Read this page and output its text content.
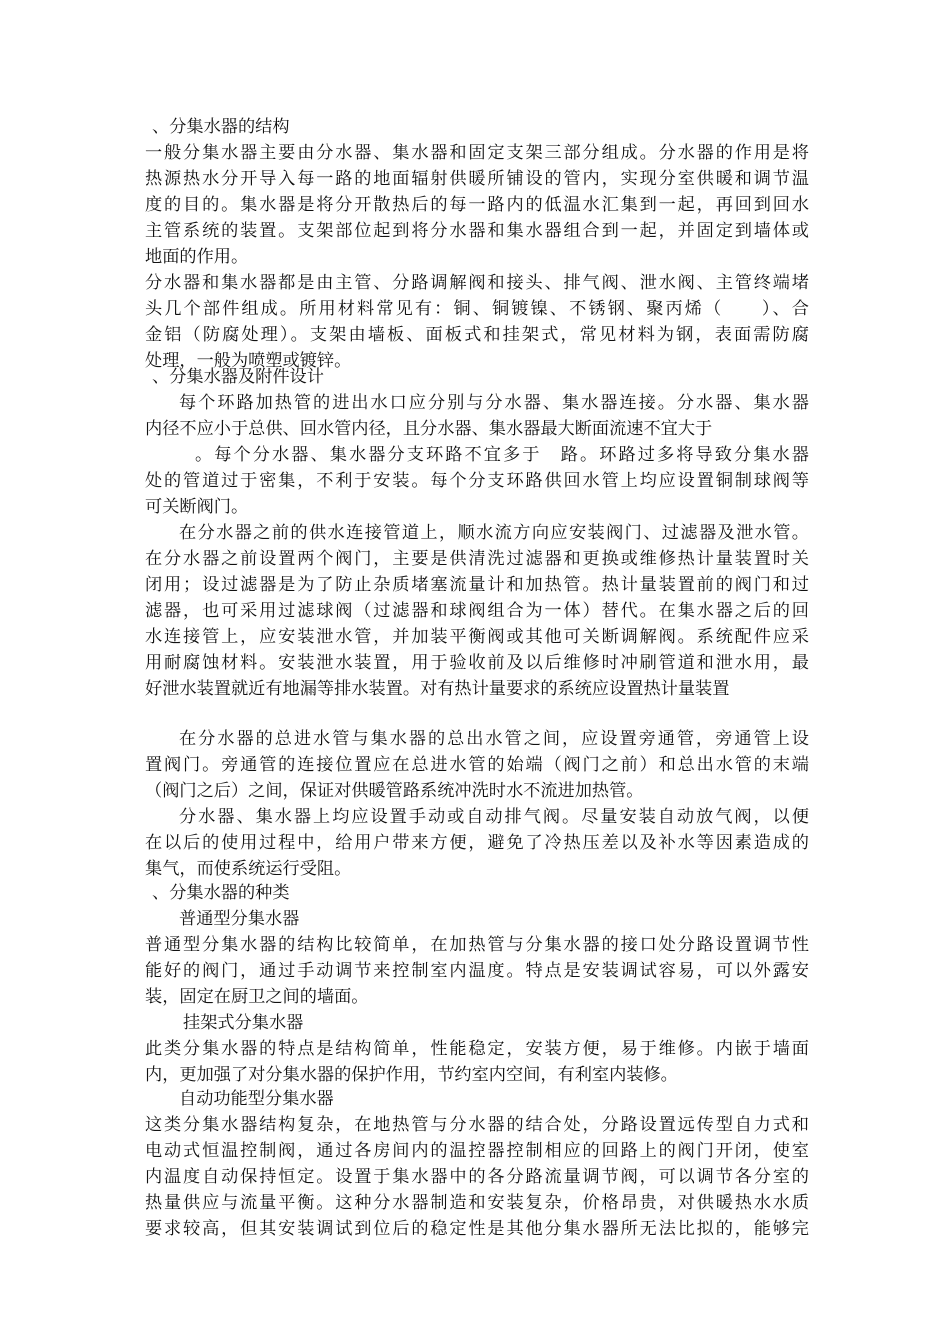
、分集水器的结构

一般分集水器主要由分水器、集水器和固定支架三部分组成。分水器的作用是将

热源热水分开导入每一路的地面辐射供暖所铺设的管内，实现分室供暖和调节温

度的目的。集水器是将分开散热后的每一路内的低温水汇集到一起，再回到回水

主管系统的装置。支架部位起到将分水器和集水器组合到一起，并固定到墙体或

地面的作用。

分水器和集水器都是由主管、分路调解阀和接头、排气阀、泄水阀、主管终端堵

头几个部件组成。所用材料常见有：铜、铜镀镍、不锈钢、聚丙烯（　　）、合

金铝（防腐处理）。支架由墙板、面板式和挂架式，常见材料为钢，表面需防腐

处理，一般为喷塑或镀锌。

、分集水器及附件设计

每个环路加热管的进出水口应分别与分水器、集水器连接。分水器、集水器

内径不应小于总供、回水管内径，且分水器、集水器最大断面流速不宜大于

。每个分水器、集水器分支环路不宜多于　路。环路过多将导致分集水器

处的管道过于密集，不利于安装。每个分支环路供回水管上均应设置铜制球阀等

可关断阀门。

在分水器之前的供水连接管道上，顺水流方向应安装阀门、过滤器及泄水管。

在分水器之前设置两个阀门，主要是供清洗过滤器和更换或维修热计量装置时关

闭用；设过滤器是为了防止杂质堵塞流量计和加热管。热计量装置前的阀门和过

滤器，也可采用过滤球阀（过滤器和球阀组合为一体）替代。在集水器之后的回

水连接管上，应安装泄水管，并加装平衡阀或其他可关断调解阀。系统配件应采

用耐腐蚀材料。安装泄水装置，用于验收前及以后维修时冲刷管道和泄水用，最

好泄水装置就近有地漏等排水装置。对有热计量要求的系统应设置热计量装置

在分水器的总进水管与集水器的总出水管之间，应设置旁通管，旁通管上设

置阀门。旁通管的连接位置应在总进水管的始端（阀门之前）和总出水管的末端

（阀门之后）之间，保证对供暖管路系统冲洗时水不流进加热管。

分水器、集水器上均应设置手动或自动排气阀。尽量安装自动放气阀，以便

在以后的使用过程中，给用户带来方便，避免了冷热压差以及补水等因素造成的

集气，而使系统运行受阻。

、分集水器的种类

普通型分集水器

普通型分集水器的结构比较简单，在加热管与分集水器的接口处分路设置调节性

能好的阀门，通过手动调节来控制室内温度。特点是安装调试容易，可以外露安

装，固定在厨卫之间的墙面。

挂架式分集水器

此类分集水器的特点是结构简单，性能稳定，安装方便，易于维修。内嵌于墙面

内，更加强了对分集水器的保护作用，节约室内空间，有利室内装修。

自动功能型分集水器

这类分集水器结构复杂，在地热管与分水器的结合处，分路设置远传型自力式和

电动式恒温控制阀，通过各房间内的温控器控制相应的回路上的阀门开闭，使室

内温度自动保持恒定。设置于集水器中的各分路流量调节阀，可以调节各分室的

热量供应与流量平衡。这种分水器制造和安装复杂，价格昂贵，对供暖热水水质

要求较高，但其安装调试到位后的稳定性是其他分集水器所无法比拟的，能够完
